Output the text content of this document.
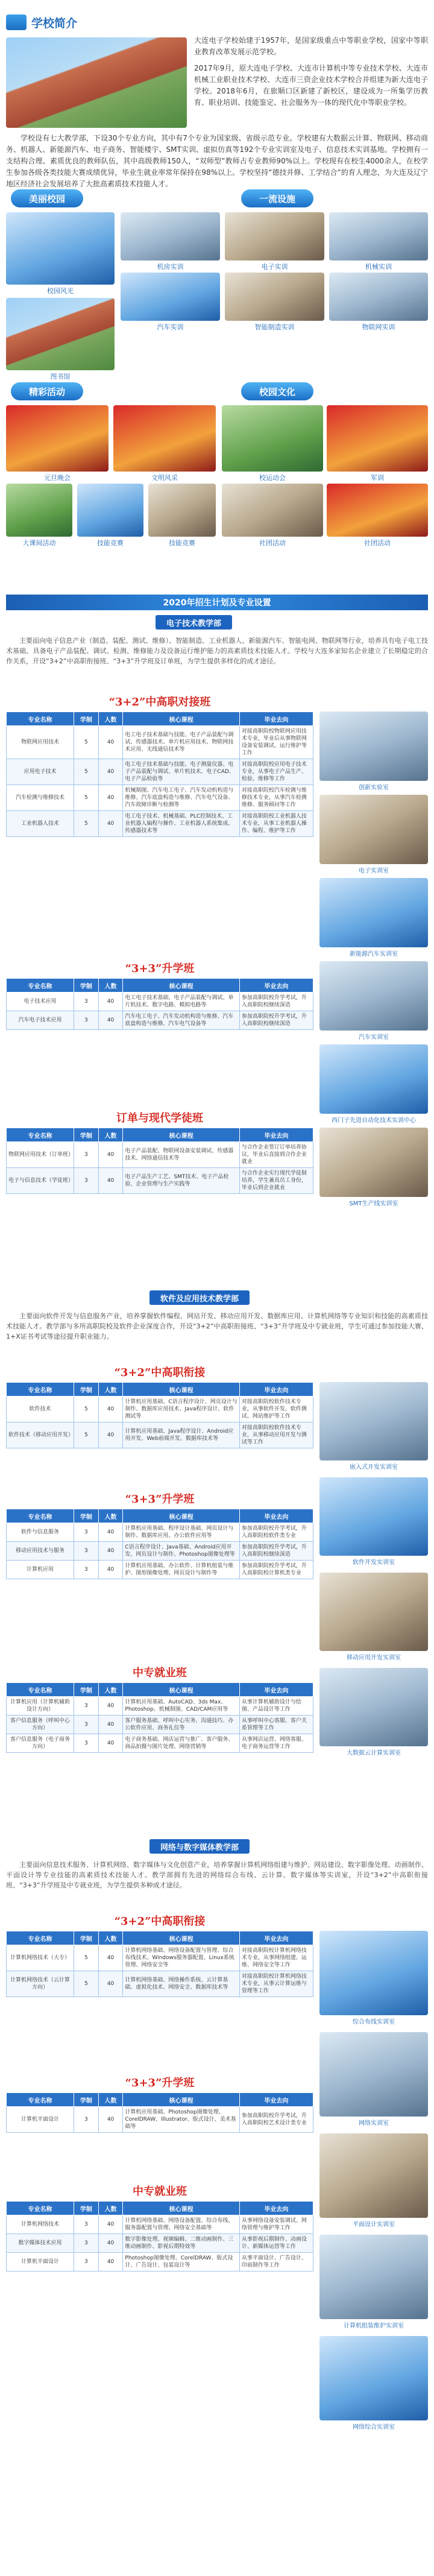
学校简介
大连电子学校始建于1957年，是国家级重点中等职业学校，国家中等职业教育改革发展示范学校。
2017年9月，原大连电子学校、大连市计算机中等专业技术学校、大连市机械工业职业技术学校、大连市三资企业技术学校合并组建为新大连电子学校。2018年6月，在旅顺口区新建了新校区，建设成为一所集学历教育、职业培训、技能鉴定、社会服务为一体的现代化中等职业学校。
学校设有七大教学部，下设30个专业方向，其中有7个专业为国家级、省级示范专业。学校建有大数据云计算、物联网、移动商务、机器人、新能源汽车、电子商务、智能楼宇、SMT实训、虚拟仿真等192个专业实训室及电子、信息技术实训基地。学校拥有一支结构合理、素质优良的教师队伍，其中高级教师150人，“双师型”教师占专业教师90%以上。学校现有在校生4000余人，在校学生参加各级各类技能大赛成绩优异，毕业生就业率常年保持在98%以上。学校坚持“德技并修、工学结合”的育人理念，为大连及辽宁地区经济社会发展培养了大批高素质技术技能人才。
美丽校园	一流设施
校园风光
图书馆
机房实训	电子实训	机械实训
汽车实训	智能制造实训	物联网实训
精彩活动	校园文化
元旦晚会	文明风采
大课间活动	技能竞赛	技能竞赛
校运动会	军训
社团活动	社团活动
2020年招生计划及专业设置
电子技术教学部
主要面向电子信息产业（制造、装配、测试、维修）、智能制造、工业机器人、新能源汽车、智能电网、物联网等行业，培养具有电子电工技术基础、具备电子产品装配、调试、检测、维修能力及设备运行维护能力的高素质技术技能人才。学校与大连多家知名企业建立了长期稳定的合作关系，开设“3+2”中高职衔接班、“3+3”升学班及订单班，为学生提供多样化的成才途径。
“3+2”中高职对接班
专业名称	学制	人数	核心课程	毕业去向
物联网应用技术	5	40	电工电子技术基础与技能、电子产品装配与调试、传感器技术、单片机应用技术、物联网技术应用、无线通信技术等	对接高职院校物联网应用技术专业，毕业后从事物联网设备安装调试、运行维护等工作
应用电子技术	5	40	电工电子技术基础与技能、电子测量仪器、电子产品装配与调试、单片机技术、电子CAD、电子产品检验等	对接高职院校应用电子技术专业，从事电子产品生产、检验、维修等工作
汽车检测与维修技术	5	40	机械制图、汽车电工电子、汽车发动机构造与维修、汽车底盘构造与维修、汽车电气设备、汽车故障诊断与检测等	对接高职院校汽车检测与维修技术专业，从事汽车检测维修、服务顾问等工作
工业机器人技术	5	40	电工电子技术、机械基础、PLC控制技术、工业机器人编程与操作、工业机器人系统集成、传感器技术等	对接高职院校工业机器人技术专业，从事工业机器人操作、编程、维护等工作
“3+3”升学班
专业名称	学制	人数	核心课程	毕业去向
电子技术应用	3	40	电工电子技术基础、电子产品装配与调试、单片机技术、数字电路、模拟电路等	参加高职院校升学考试，升入高职院校继续深造
汽车电子技术应用	3	40	汽车电工电子、汽车发动机构造与维修、汽车底盘构造与维修、汽车电气设备等	参加高职院校升学考试，升入高职院校继续深造
订单与现代学徒班
专业名称	学制	人数	核心课程	毕业去向
物联网应用技术（订单班）	3	40	电子产品装配、物联网设备安装调试、传感器技术、网络通信技术等	与合作企业签订订单培养协议，毕业后直接到合作企业就业
电子与信息技术（学徒班）	3	40	电子产品生产工艺、SMT技术、电子产品检验、企业管理与生产实践等	与合作企业实行现代学徒制培养，学生兼具员工身份，毕业后到企业就业
创新实验室
电子实训室
新能源汽车实训室
汽车实训室
西门子先进自动化技术实训中心
SMT生产线实训室
软件及应用技术教学部
主要面向软件开发与信息服务产业，培养掌握软件编程、网站开发、移动应用开发、数据库应用、计算机网络等专业知识和技能的高素质技术技能人才。教学部与多所高职院校及软件企业深度合作，开设“3+2”中高职衔接班、“3+3”升学班及中专就业班，学生可通过参加技能大赛、1+X证书考试等途径提升职业能力。
“3+2”中高职衔接
专业名称	学制	人数	核心课程	毕业去向
软件技术	5	40	计算机应用基础、C语言程序设计、网页设计与制作、数据库应用技术、Java程序设计、软件测试等	对接高职院校软件技术专业，从事软件开发、软件测试、网站维护等工作
软件技术（移动应用开发）	5	40	计算机应用基础、Java程序设计、Android应用开发、Web前端开发、数据库技术等	对接高职院校软件技术专业，从事移动应用开发与测试等工作
“3+3”升学班
专业名称	学制	人数	核心课程	毕业去向
软件与信息服务	3	40	计算机应用基础、程序设计基础、网页设计与制作、数据库应用、办公软件应用等	参加高职院校升学考试，升入高职院校软件类专业
移动应用技术与服务	3	40	C语言程序设计、Java基础、Android应用开发、网页设计与制作、Photoshop图像处理等	参加高职院校升学考试，升入高职院校继续深造
计算机应用	3	40	计算机应用基础、办公软件、计算机组装与维护、图形图像处理、网页设计与制作等	参加高职院校升学考试，升入高职院校计算机类专业
中专就业班
专业名称	学制	人数	核心课程	毕业去向
计算机应用（计算机辅助设计方向）	3	40	计算机应用基础、AutoCAD、3ds Max、Photoshop、机械制图、CAD/CAM应用等	从事计算机辅助设计与绘图、产品设计等工作
客户信息服务（呼叫中心方向）	3	40	客户服务基础、呼叫中心实务、沟通技巧、办公软件应用、商务礼仪等	从事呼叫中心客服、客户关系管理等工作
客户信息服务（电子商务方向）	3	40	电子商务基础、网店运营与推广、客户服务、商品拍摄与图片处理、网络营销等	从事网店运营、网络客服、电子商务运营等工作
嵌入式开发实训室
软件开发实训室
移动应用开发实训室
大数据云计算实训室
网络与数字媒体教学部
主要面向信息技术服务、计算机网络、数字媒体与文化创意产业，培养掌握计算机网络组建与维护、网站建设、数字影像处理、动画制作、平面设计等专业技能的高素质技术技能人才。教学部拥有先进的网络综合布线、云计算、数字媒体等实训室，开设“3+2”中高职衔接班、“3+3”升学班及中专就业班，为学生提供多种成才途径。
“3+2”中高职衔接
专业名称	学制	人数	核心课程	毕业去向
计算机网络技术（大专）	5	40	计算机网络基础、网络设备配置与管理、综合布线技术、Windows服务器配置、Linux系统管理、网络安全等	对接高职院校计算机网络技术专业，从事网络组建、运维、网络安全等工作
计算机网络技术（云计算方向）	5	40	计算机网络基础、网络操作系统、云计算基础、虚拟化技术、网络安全、数据库技术等	对接高职院校计算机网络技术专业，从事云计算运维与管理等工作
“3+3”升学班
专业名称	学制	人数	核心课程	毕业去向
计算机平面设计	3	40	计算机应用基础、Photoshop图像处理、CorelDRAW、Illustrator、版式设计、美术基础等	参加高职院校升学考试，升入高职院校艺术设计类专业
中专就业班
专业名称	学制	人数	核心课程	毕业去向
计算机网络技术	3	40	计算机网络基础、网络设备配置、综合布线、服务器配置与管理、网络安全基础等	从事网络设备安装调试、网络管理与维护等工作
数字媒体技术应用	3	40	数字影像处理、视频编辑、二维动画制作、三维动画制作、影视后期特效等	从事影视后期制作、动画设计、新媒体运营等工作
计算机平面设计	3	40	Photoshop图像处理、CorelDRAW、版式设计、广告设计、包装设计等	从事平面设计、广告设计、印前制作等工作
综合布线实训室
网络实训室
平面设计实训室
计算机组装维护实训室
网络综合实训室
